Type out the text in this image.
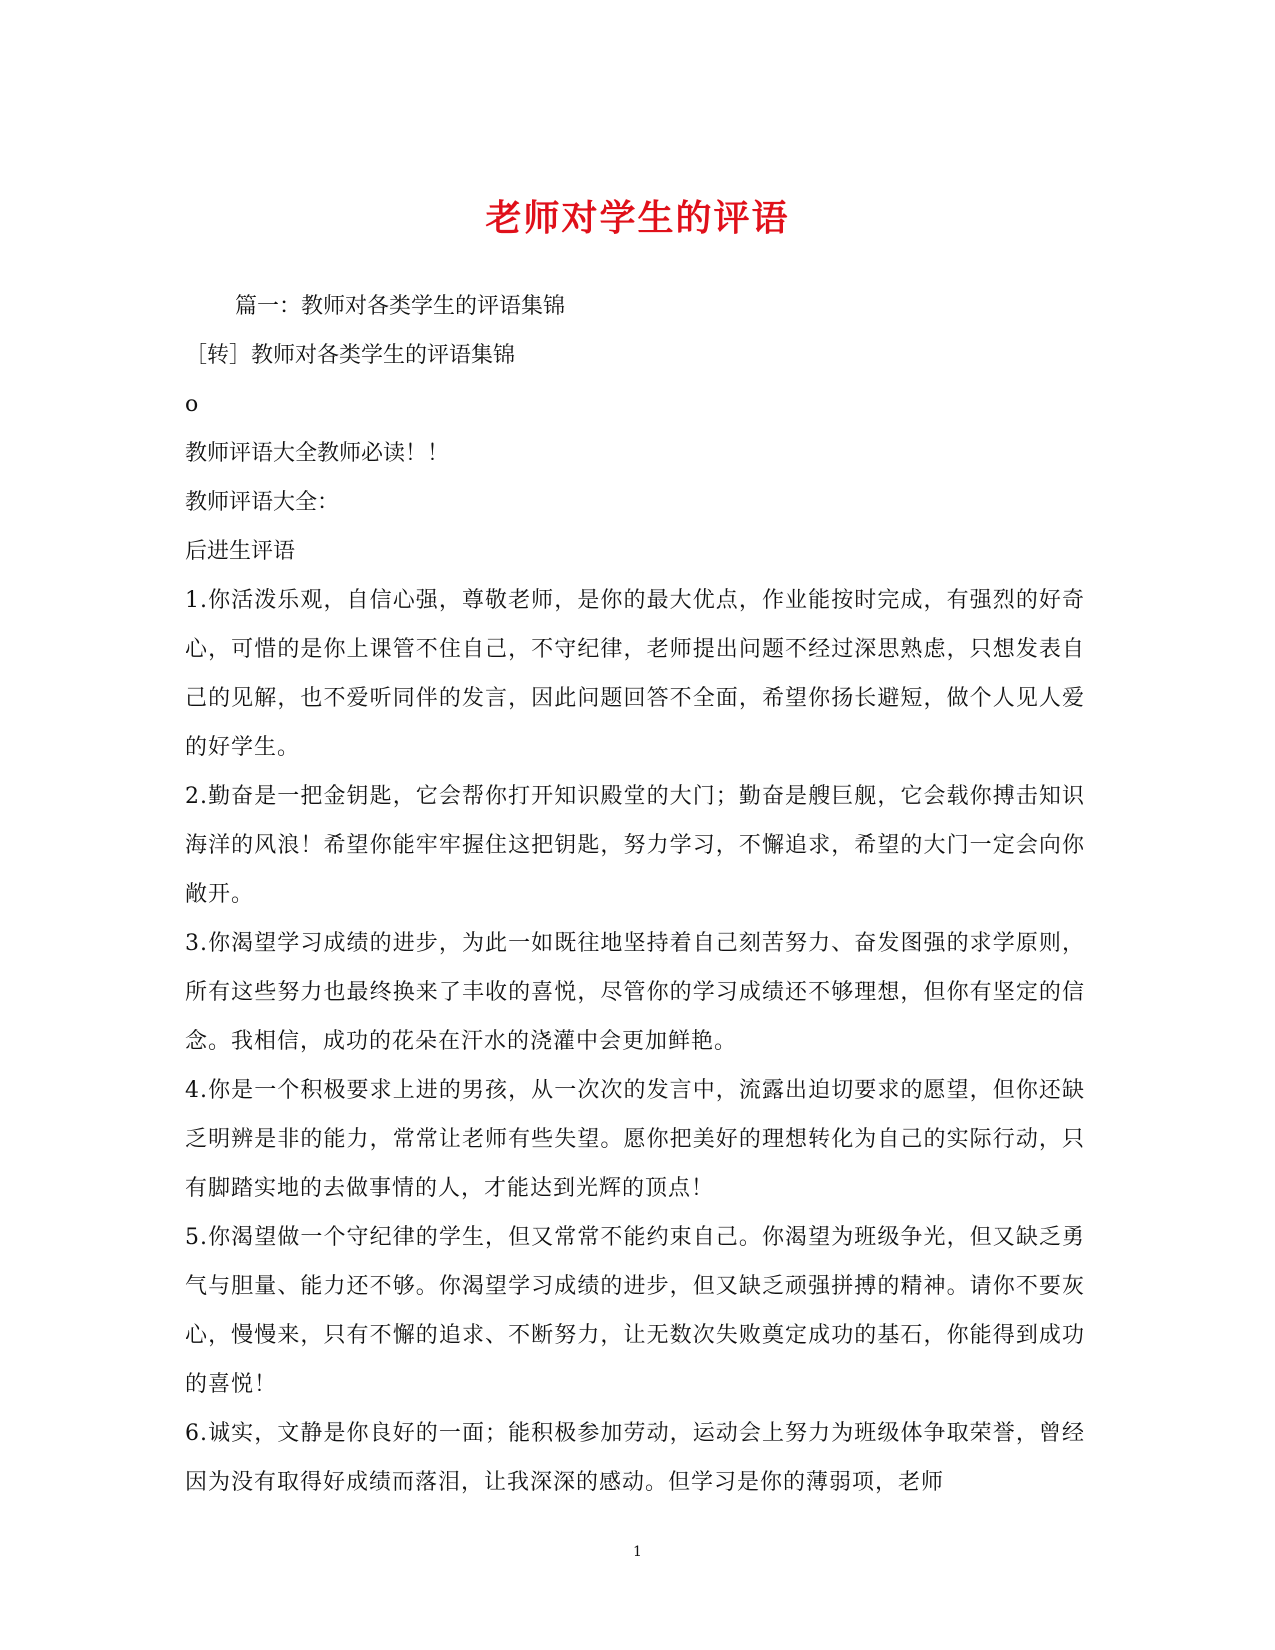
老师对学生的评语

篇一：教师对各类学生的评语集锦

［转］教师对各类学生的评语集锦

o

教师评语大全教师必读！！

教师评语大全：

后进生评语

1.你活泼乐观，自信心强，尊敬老师，是你的最大优点，作业能按时完成，有强烈的好奇心，可惜的是你上课管不住自己，不守纪律，老师提出问题不经过深思熟虑，只想发表自己的见解，也不爱听同伴的发言，因此问题回答不全面，希望你扬长避短，做个人见人爱的好学生。

2.勤奋是一把金钥匙，它会帮你打开知识殿堂的大门；勤奋是艘巨舰，它会载你搏击知识海洋的风浪！希望你能牢牢握住这把钥匙，努力学习，不懈追求，希望的大门一定会向你敞开。

3.你渴望学习成绩的进步，为此一如既往地坚持着自己刻苦努力、奋发图强的求学原则，所有这些努力也最终换来了丰收的喜悦，尽管你的学习成绩还不够理想，但你有坚定的信念。我相信，成功的花朵在汗水的浇灌中会更加鲜艳。

4.你是一个积极要求上进的男孩，从一次次的发言中，流露出迫切要求的愿望，但你还缺乏明辨是非的能力，常常让老师有些失望。愿你把美好的理想转化为自己的实际行动，只有脚踏实地的去做事情的人，才能达到光辉的顶点！

5.你渴望做一个守纪律的学生，但又常常不能约束自己。你渴望为班级争光，但又缺乏勇气与胆量、能力还不够。你渴望学习成绩的进步，但又缺乏顽强拼搏的精神。请你不要灰心，慢慢来，只有不懈的追求、不断努力，让无数次失败奠定成功的基石，你能得到成功的喜悦！

6.诚实，文静是你良好的一面；能积极参加劳动，运动会上努力为班级体争取荣誉，曾经因为没有取得好成绩而落泪，让我深深的感动。但学习是你的薄弱项，老师

1
